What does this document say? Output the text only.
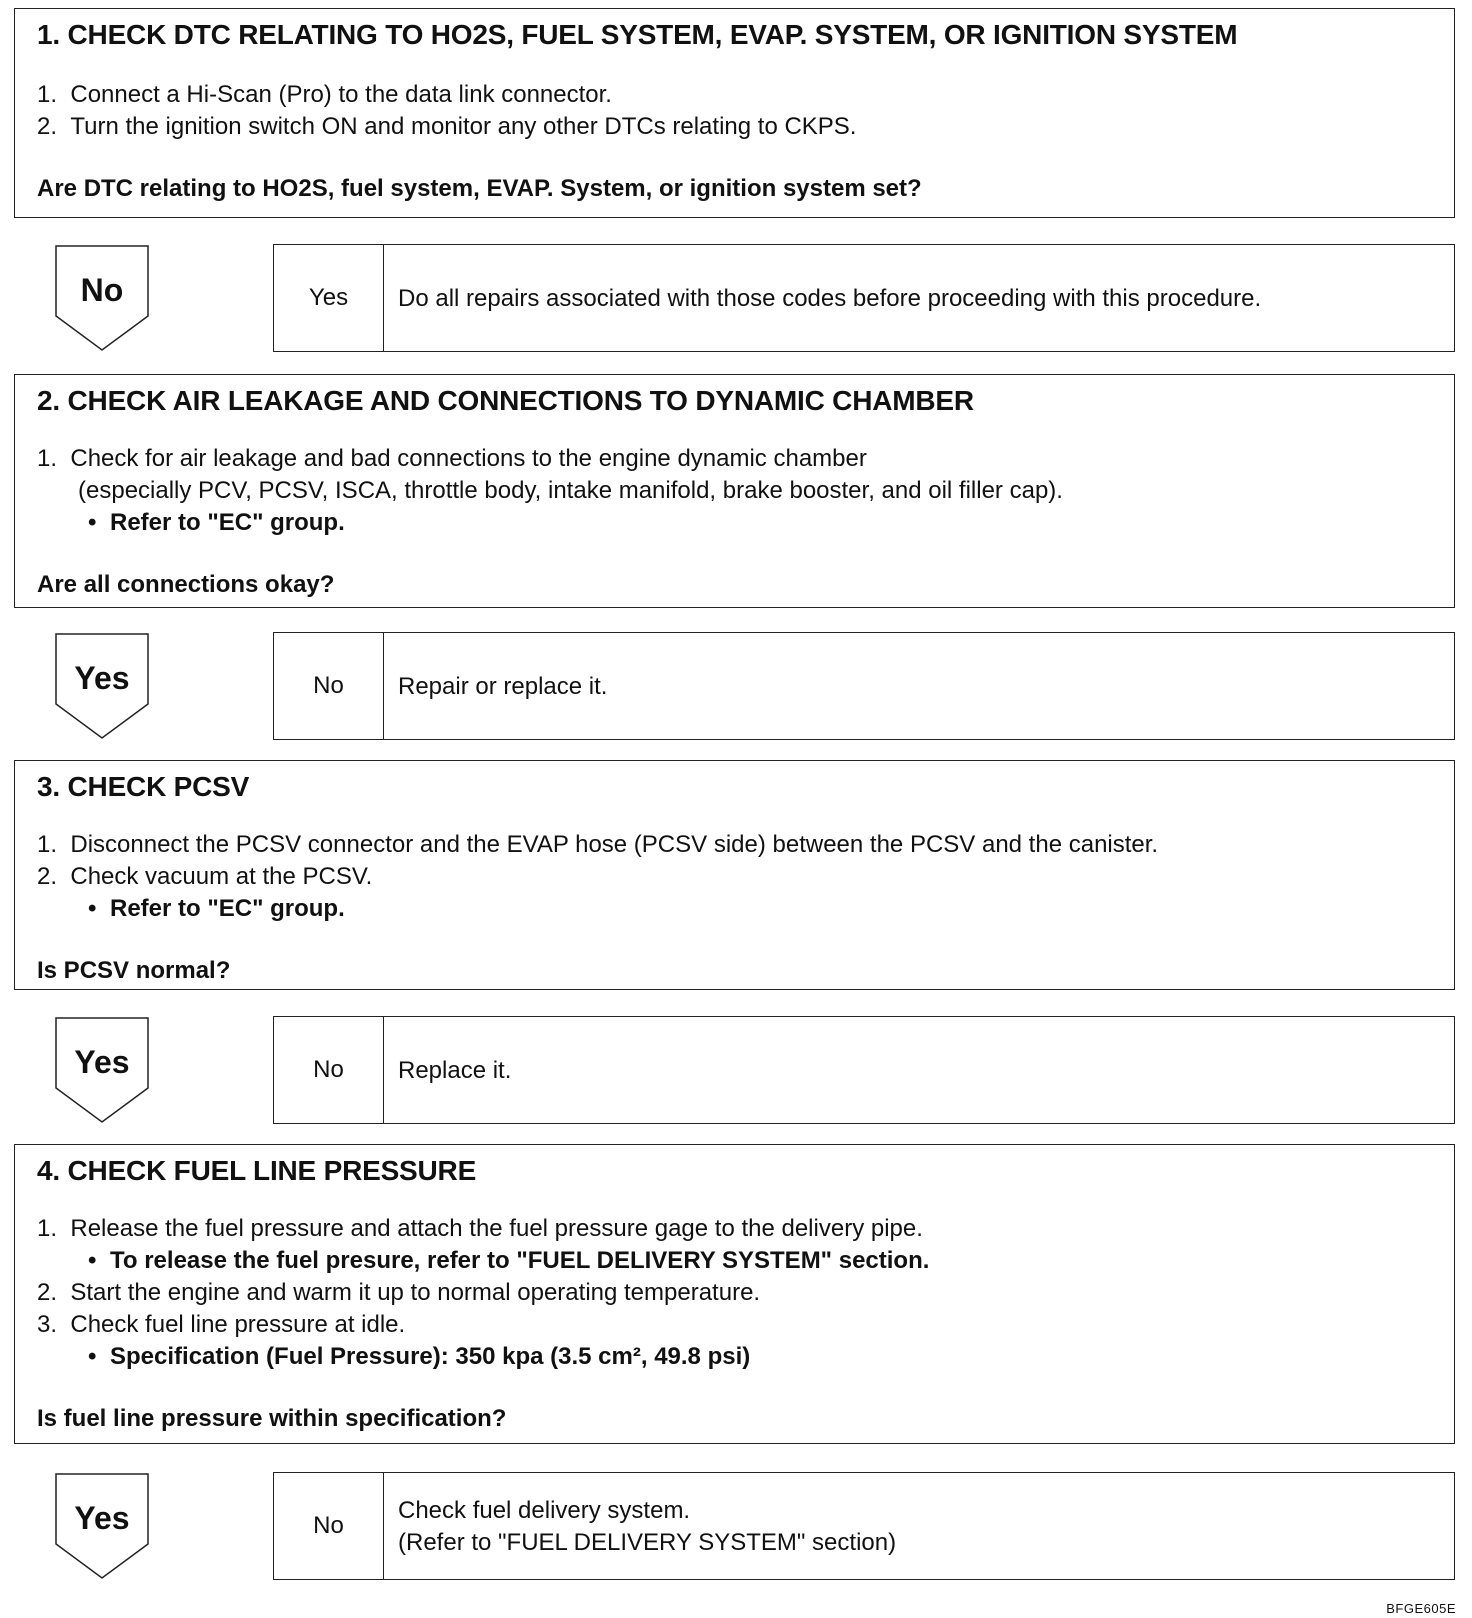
1. CHECK DTC RELATING TO HO2S, FUEL SYSTEM, EVAP. SYSTEM, OR IGNITION SYSTEM
1. Connect a Hi-Scan (Pro) to the data link connector.
2. Turn the ignition switch ON and monitor any other DTCs relating to CKPS.
Are DTC relating to HO2S, fuel system, EVAP. System, or ignition system set?
No	Yes	Do all repairs associated with those codes before proceeding with this procedure.
2. CHECK AIR LEAKAGE AND CONNECTIONS TO DYNAMIC CHAMBER
1. Check for air leakage and bad connections to the engine dynamic chamber
(especially PCV, PCSV, ISCA, throttle body, intake manifold, brake booster, and oil filler cap).
• Refer to "EC" group.
Are all connections okay?
Yes	No	Repair or replace it.
3. CHECK PCSV
1. Disconnect the PCSV connector and the EVAP hose (PCSV side) between the PCSV and the canister.
2. Check vacuum at the PCSV.
• Refer to "EC" group.
Is PCSV normal?
Yes	No	Replace it.
4. CHECK FUEL LINE PRESSURE
1. Release the fuel pressure and attach the fuel pressure gage to the delivery pipe.
• To release the fuel presure, refer to "FUEL DELIVERY SYSTEM" section.
2. Start the engine and warm it up to normal operating temperature.
3. Check fuel line pressure at idle.
• Specification (Fuel Pressure): 350 kpa (3.5 cm², 49.8 psi)
Is fuel line pressure within specification?
Yes	No
Check fuel delivery system.
(Refer to "FUEL DELIVERY SYSTEM" section)
BFGE605E
